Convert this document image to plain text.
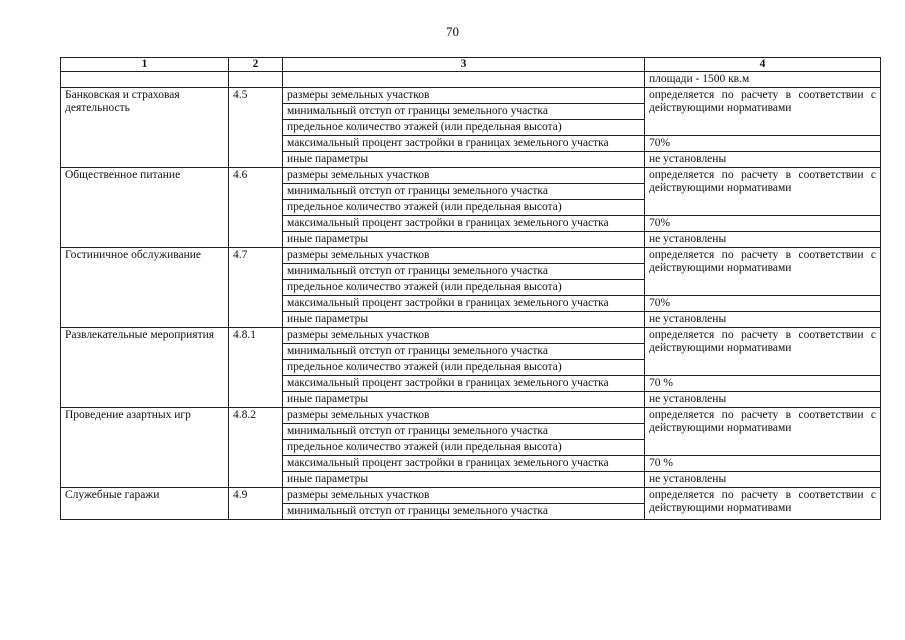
70
1	2	3	4
			площади - 1500 кв.м
Банковская и страховая деятельность	4.5	размеры земельных участков	определяется по расчету в соответствии с действующими нормативами
		минимальный отступ от границы земельного участка	
		предельное количество этажей (или предельная высота)	
		максимальный процент застройки в границах земельного участка	70%
		иные параметры	не установлены
Общественное питание	4.6	размеры земельных участков	определяется по расчету в соответствии с действующими нормативами
		минимальный отступ от границы земельного участка	
		предельное количество этажей (или предельная высота)	
		максимальный процент застройки в границах земельного участка	70%
		иные параметры	не установлены
Гостиничное обслуживание	4.7	размеры земельных участков	определяется по расчету в соответствии с действующими нормативами
		минимальный отступ от границы земельного участка	
		предельное количество этажей (или предельная высота)	
		максимальный процент застройки в границах земельного участка	70%
		иные параметры	не установлены
Развлекательные мероприятия	4.8.1	размеры земельных участков	определяется по расчету в соответствии с действующими нормативами
		минимальный отступ от границы земельного участка	
		предельное количество этажей (или предельная высота)	
		максимальный процент застройки в границах земельного участка	70 %
		иные параметры	не установлены
Проведение азартных игр	4.8.2	размеры земельных участков	определяется по расчету в соответствии с действующими нормативами
		минимальный отступ от границы земельного участка	
		предельное количество этажей (или предельная высота)	
		максимальный процент застройки в границах земельного участка	70 %
		иные параметры	не установлены
Служебные гаражи	4.9	размеры земельных участков	определяется по расчету в соответствии с действующими нормативами
		минимальный отступ от границы земельного участка	
